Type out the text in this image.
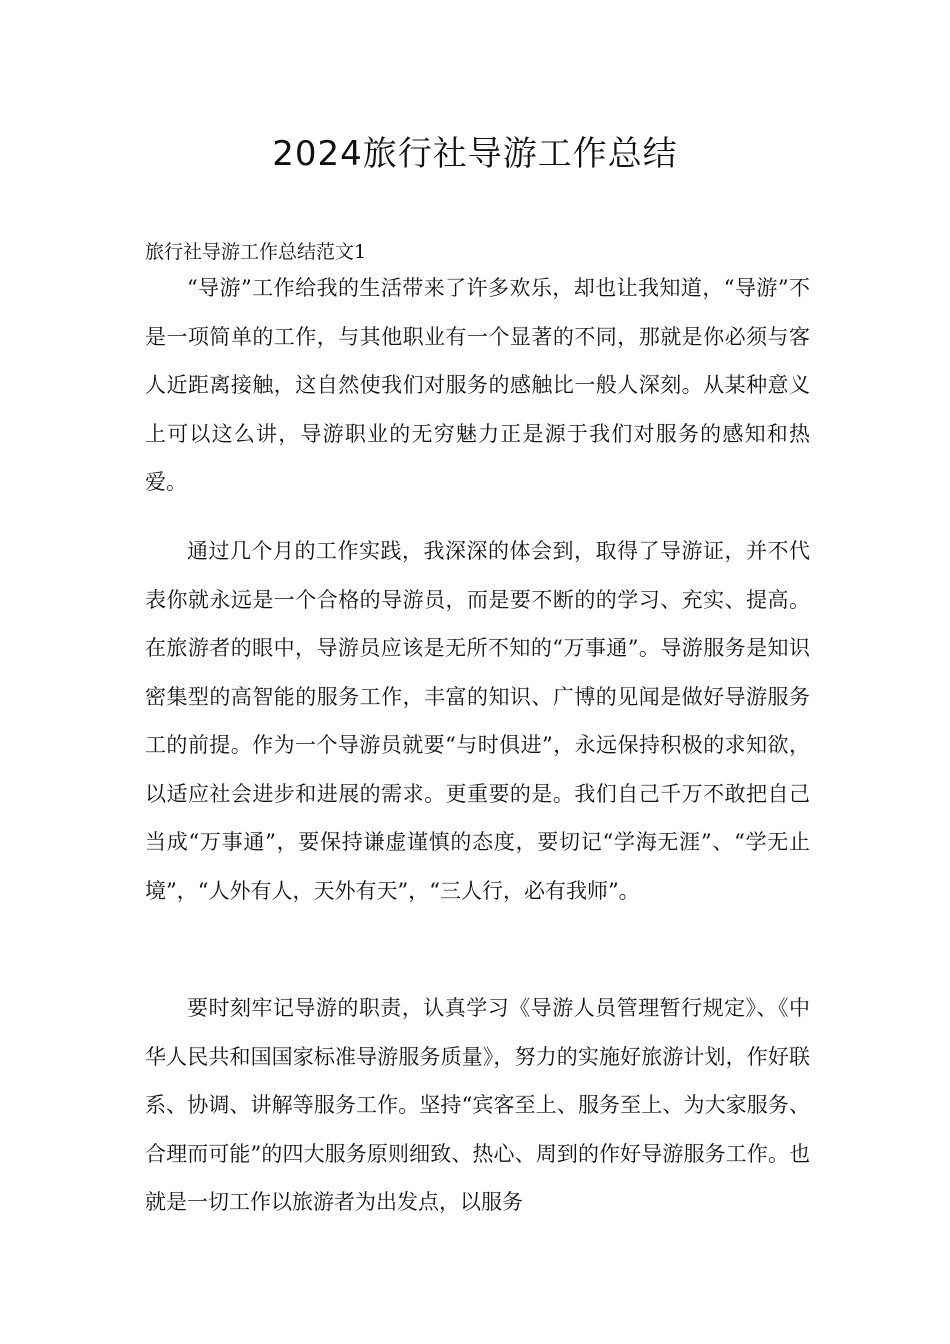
2024旅行社导游工作总结

旅行社导游工作总结范文1

“导游”工作给我的生活带来了许多欢乐，却也让我知道，“导游”不是一项简单的工作，与其他职业有一个显著的不同，那就是你必须与客人近距离接触，这自然使我们对服务的感触比一般人深刻。从某种意义上可以这么讲，导游职业的无穷魅力正是源于我们对服务的感知和热爱。

通过几个月的工作实践，我深深的体会到，取得了导游证，并不代表你就永远是一个合格的导游员，而是要不断的的学习、充实、提高。在旅游者的眼中，导游员应该是无所不知的“万事通”。导游服务是知识密集型的高智能的服务工作，丰富的知识、广博的见闻是做好导游服务工的前提。作为一个导游员就要“与时俱进”，永远保持积极的求知欲，以适应社会进步和进展的需求。更重要的是。我们自己千万不敢把自己当成“万事通”，要保持谦虚谨慎的态度，要切记“学海无涯”、“学无止境”，“人外有人，天外有天”，“三人行，必有我师”。

要时刻牢记导游的职责，认真学习《导游人员管理暂行规定》、《中华人民共和国国家标准导游服务质量》，努力的实施好旅游计划，作好联系、协调、讲解等服务工作。坚持“宾客至上、服务至上、为大家服务、合理而可能”的四大服务原则细致、热心、周到的作好导游服务工作。也就是一切工作以旅游者为出发点，以服务
